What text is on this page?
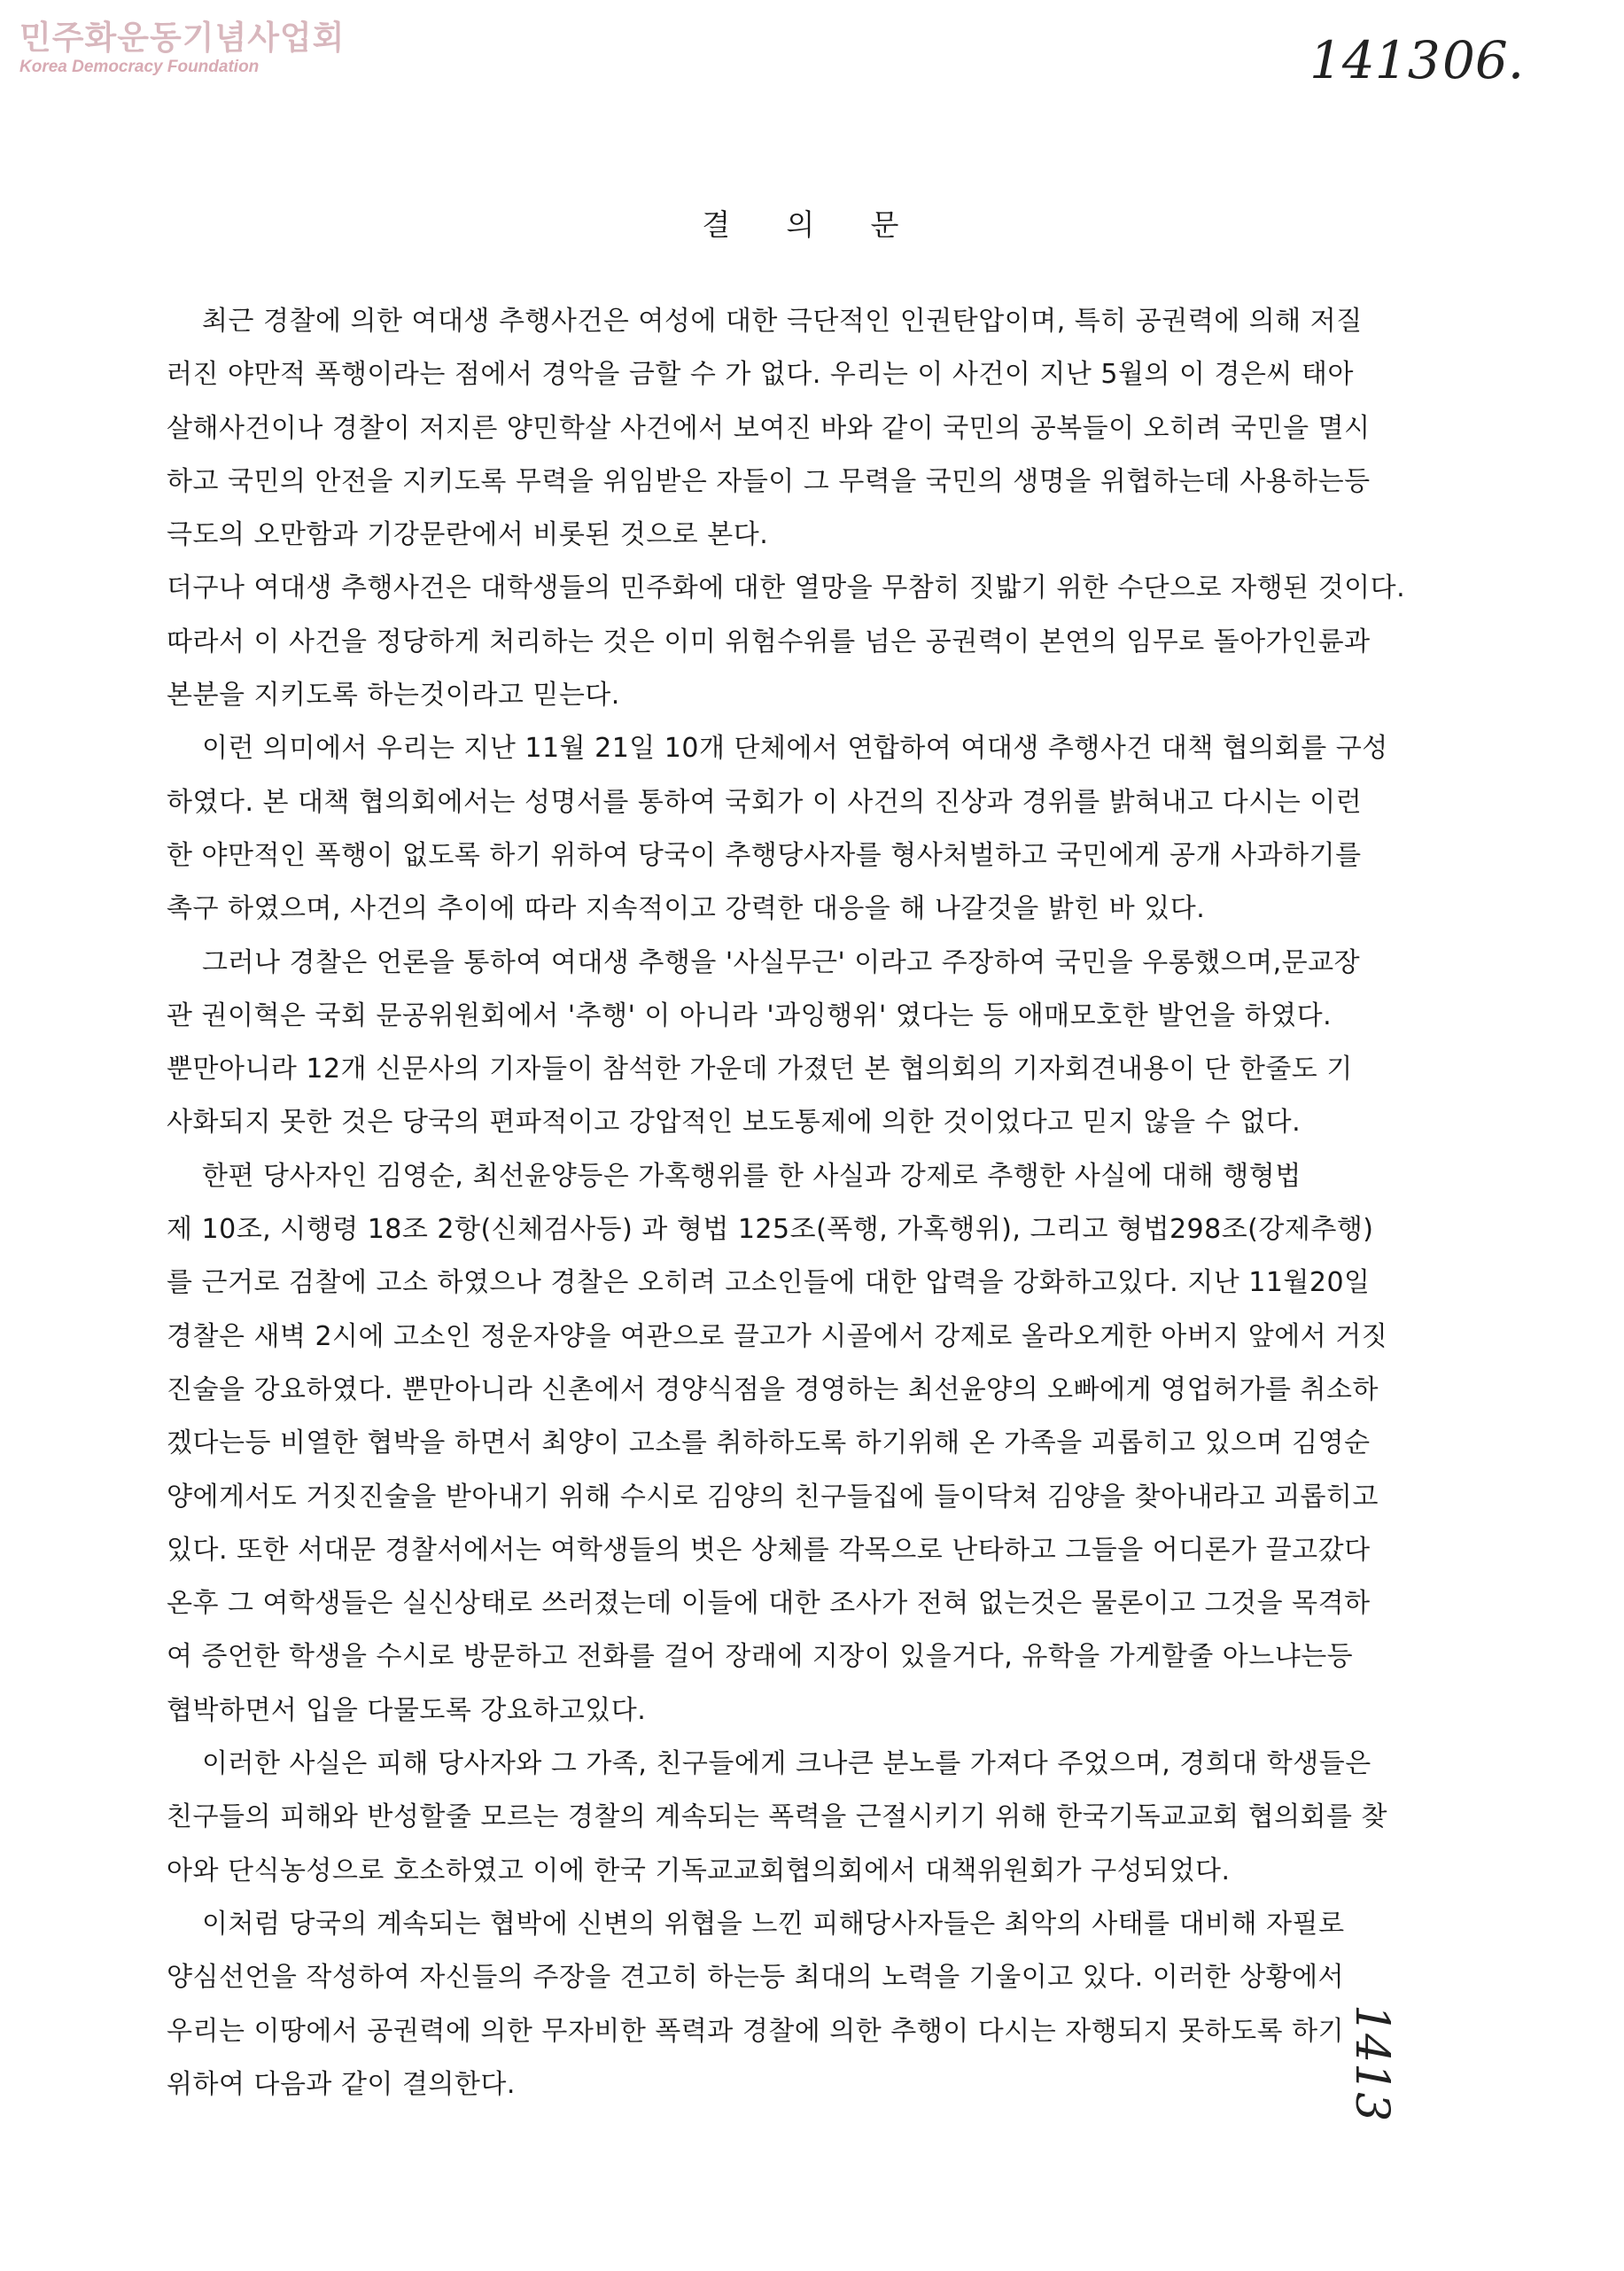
민주화운동기념사업회
Korea Democracy Foundation	1413 06.
1413
결 의 문
최근 경찰에 의한 여대생 추행사건은 여성에 대한 극단적인 인권탄압이며, 특히 공권력에 의해 저질
러진 야만적 폭행이라는 점에서 경악을 금할 수 가 없다. 우리는 이 사건이 지난 5월의 이 경은씨 태아
살해사건이나 경찰이 저지른 양민학살 사건에서 보여진 바와 같이 국민의 공복들이 오히려 국민을 멸시
하고 국민의 안전을 지키도록 무력을 위임받은 자들이 그 무력을 국민의 생명을 위협하는데 사용하는등
극도의 오만함과 기강문란에서 비롯된 것으로 본다.
더구나 여대생 추행사건은 대학생들의 민주화에 대한 열망을 무참히 짓밟기 위한 수단으로 자행된 것이다.
따라서 이 사건을 정당하게 처리하는 것은 이미 위험수위를 넘은 공권력이 본연의 임무로 돌아가인륜과
본분을 지키도록 하는것이라고 믿는다.
이런 의미에서 우리는 지난 11월 21일 10개 단체에서 연합하여 여대생 추행사건 대책 협의회를 구성
하였다. 본 대책 협의회에서는 성명서를 통하여 국회가 이 사건의 진상과 경위를 밝혀내고 다시는 이런
한 야만적인 폭행이 없도록 하기 위하여 당국이 추행당사자를 형사처벌하고 국민에게 공개 사과하기를
촉구 하였으며, 사건의 추이에 따라 지속적이고 강력한 대응을 해 나갈것을 밝힌 바 있다.
그러나 경찰은 언론을 통하여 여대생 추행을 '사실무근' 이라고 주장하여 국민을 우롱했으며,문교장
관 권이혁은 국회 문공위원회에서 '추행' 이 아니라 '과잉행위' 였다는 등 애매모호한 발언을 하였다.
뿐만아니라 12개 신문사의 기자들이 참석한 가운데 가졌던 본 협의회의 기자회견내용이 단 한줄도 기
사화되지 못한 것은 당국의 편파적이고 강압적인 보도통제에 의한 것이었다고 믿지 않을 수 없다.
한편 당사자인 김영순, 최선윤양등은 가혹행위를 한 사실과 강제로 추행한 사실에 대해 행형법
제 10조, 시행령 18조 2항(신체검사등) 과 형법 125조(폭행, 가혹행위), 그리고 형법298조(강제추행)
를 근거로 검찰에 고소 하였으나 경찰은 오히려 고소인들에 대한 압력을 강화하고있다. 지난 11월20일
경찰은 새벽 2시에 고소인 정운자양을 여관으로 끌고가 시골에서 강제로 올라오게한 아버지 앞에서 거짓
진술을 강요하였다. 뿐만아니라 신촌에서 경양식점을 경영하는 최선윤양의 오빠에게 영업허가를 취소하
겠다는등 비열한 협박을 하면서 최양이 고소를 취하하도록 하기위해 온 가족을 괴롭히고 있으며 김영순
양에게서도 거짓진술을 받아내기 위해 수시로 김양의 친구들집에 들이닥쳐 김양을 찾아내라고 괴롭히고
있다. 또한 서대문 경찰서에서는 여학생들의 벗은 상체를 각목으로 난타하고 그들을 어디론가 끌고갔다
온후 그 여학생들은 실신상태로 쓰러졌는데 이들에 대한 조사가 전혀 없는것은 물론이고 그것을 목격하
여 증언한 학생을 수시로 방문하고 전화를 걸어 장래에 지장이 있을거다, 유학을 가게할줄 아느냐는등
협박하면서 입을 다물도록 강요하고있다.
이러한 사실은 피해 당사자와 그 가족, 친구들에게 크나큰 분노를 가져다 주었으며, 경희대 학생들은
친구들의 피해와 반성할줄 모르는 경찰의 계속되는 폭력을 근절시키기 위해 한국기독교교회 협의회를 찾
아와 단식농성으로 호소하였고 이에 한국 기독교교회협의회에서 대책위원회가 구성되었다.
이처럼 당국의 계속되는 협박에 신변의 위협을 느낀 피해당사자들은 최악의 사태를 대비해 자필로
양심선언을 작성하여 자신들의 주장을 견고히 하는등 최대의 노력을 기울이고 있다. 이러한 상황에서
우리는 이땅에서 공권력에 의한 무자비한 폭력과 경찰에 의한 추행이 다시는 자행되지 못하도록 하기
위하여 다음과 같이 결의한다.
